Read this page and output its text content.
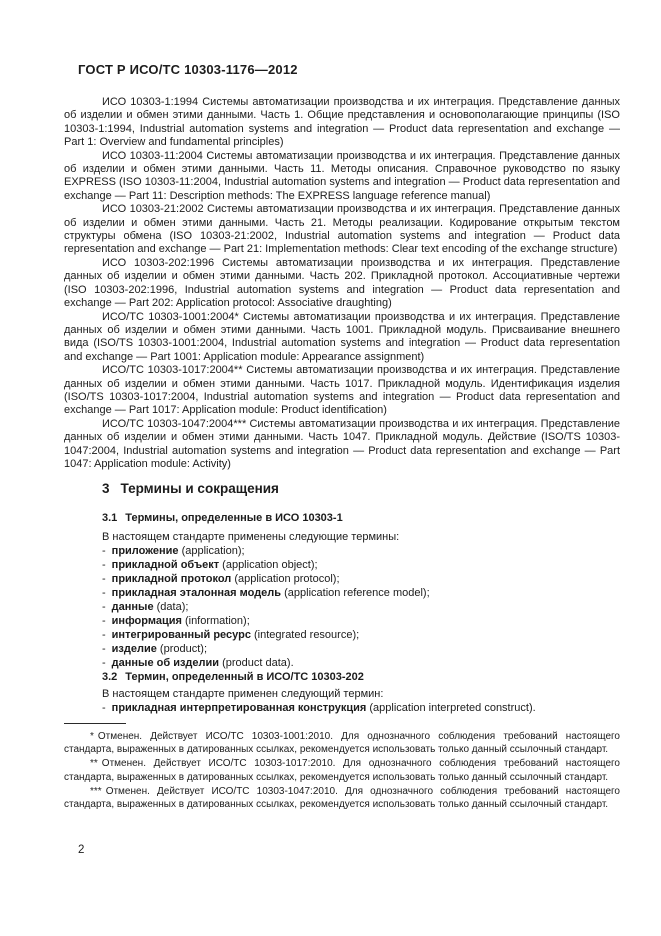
ГОСТ Р ИСО/ТС 10303-1176—2012

ИСО 10303-1:1994 Системы автоматизации производства и их интеграция. Представление данных об изделии и обмен этими данными. Часть 1. Общие представления и основополагающие принципы (ISO 10303-1:1994, Industrial automation systems and integration — Product data representation and exchange — Part 1: Overview and fundamental principles)

ИСО 10303-11:2004 Системы автоматизации производства и их интеграция. Представление данных об изделии и обмен этими данными. Часть 11. Методы описания. Справочное руководство по языку EXPRESS (ISO 10303-11:2004, Industrial automation systems and integration — Product data representation and exchange — Part 11: Description methods: The EXPRESS language reference manual)

ИСО 10303-21:2002 Системы автоматизации производства и их интеграция. Представление данных об изделии и обмен этими данными. Часть 21. Методы реализации. Кодирование открытым текстом структуры обмена (ISO 10303-21:2002, Industrial automation systems and integration — Product data representation and exchange — Part 21: Implementation methods: Clear text encoding of the exchange structure)

ИСО 10303-202:1996 Системы автоматизации производства и их интеграция. Представление данных об изделии и обмен этими данными. Часть 202. Прикладной протокол. Ассоциативные чертежи (ISO 10303-202:1996, Industrial automation systems and integration — Product data representation and exchange — Part 202: Application protocol: Associative draughting)

ИСО/ТС 10303-1001:2004* Системы автоматизации производства и их интеграция. Представление данных об изделии и обмен этими данными. Часть 1001. Прикладной модуль. Присваивание внешнего вида (ISO/TS 10303-1001:2004, Industrial automation systems and integration — Product data representation and exchange — Part 1001: Application module: Appearance assignment)

ИСО/ТС 10303-1017:2004** Системы автоматизации производства и их интеграция. Представление данных об изделии и обмен этими данными. Часть 1017. Прикладной модуль. Идентификация изделия (ISO/TS 10303-1017:2004, Industrial automation systems and integration — Product data representation and exchange — Part 1017: Application module: Product identification)

ИСО/ТС 10303-1047:2004*** Системы автоматизации производства и их интеграция. Представление данных об изделии и обмен этими данными. Часть 1047. Прикладной модуль. Действие (ISO/TS 10303-1047:2004, Industrial automation systems and integration — Product data representation and exchange — Part 1047: Application module: Activity)

3 Термины и сокращения
3.1 Термины, определенные в ИСО 10303-1

В настоящем стандарте применены следующие термины:

- приложение (application);

- прикладной объект (application object);

- прикладной протокол (application protocol);

- прикладная эталонная модель (application reference model);

- данные (data);

- информация (information);

- интегрированный ресурс (integrated resource);

- изделие (product);

- данные об изделии (product data).

3.2 Термин, определенный в ИСО/ТС 10303-202

В настоящем стандарте применен следующий термин:

- прикладная интерпретированная конструкция (application interpreted construct).

* Отменен. Действует ИСО/ТС 10303-1001:2010. Для однозначного соблюдения требований настоящего стандарта, выраженных в датированных ссылках, рекомендуется использовать только данный ссылочный стандарт.

** Отменен. Действует ИСО/ТС 10303-1017:2010. Для однозначного соблюдения требований настоящего стандарта, выраженных в датированных ссылках, рекомендуется использовать только данный ссылочный стандарт.

*** Отменен. Действует ИСО/ТС 10303-1047:2010. Для однозначного соблюдения требований настоящего стандарта, выраженных в датированных ссылках, рекомендуется использовать только данный ссылочный стандарт.

2
